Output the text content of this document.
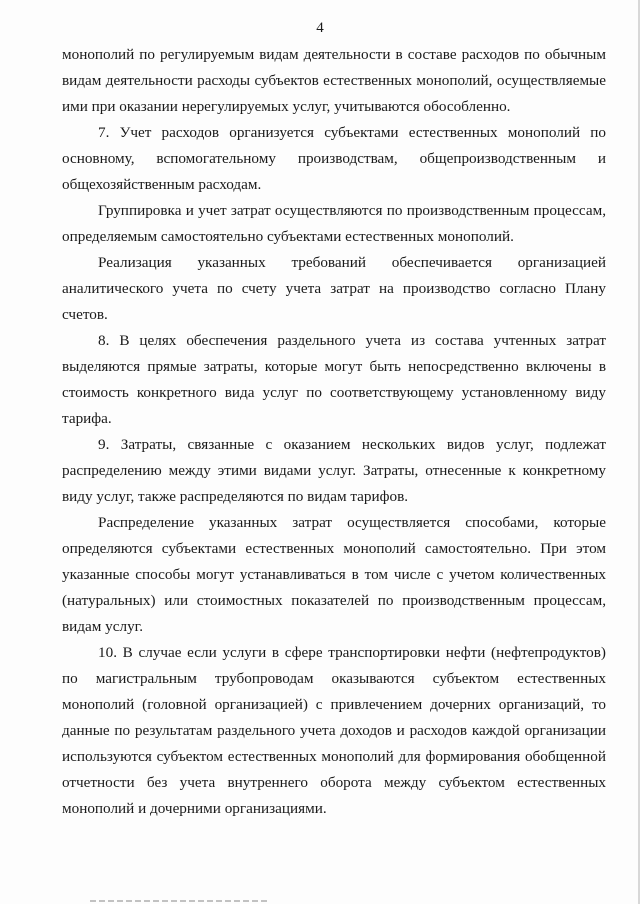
4

монополий по регулируемым видам деятельности в составе расходов по обычным видам деятельности расходы субъектов естественных монополий, осуществляемые ими при оказании нерегулируемых услуг, учитываются обособленно.

7. Учет расходов организуется субъектами естественных монополий по основному, вспомогательному производствам, общепроизводственным и общехозяйственным расходам.

Группировка и учет затрат осуществляются по производственным процессам, определяемым самостоятельно субъектами естественных монополий.

Реализация указанных требований обеспечивается организацией аналитического учета по счету учета затрат на производство согласно Плану счетов.

8. В целях обеспечения раздельного учета из состава учтенных затрат выделяются прямые затраты, которые могут быть непосредственно включены в стоимость конкретного вида услуг по соответствующему установленному виду тарифа.

9. Затраты, связанные с оказанием нескольких видов услуг, подлежат распределению между этими видами услуг. Затраты, отнесенные к конкретному виду услуг, также распределяются по видам тарифов.

Распределение указанных затрат осуществляется способами, которые определяются субъектами естественных монополий самостоятельно. При этом указанные способы могут устанавливаться в том числе с учетом количественных (натуральных) или стоимостных показателей по производственным процессам, видам услуг.

10. В случае если услуги в сфере транспортировки нефти (нефтепродуктов) по магистральным трубопроводам оказываются субъектом естественных монополий (головной организацией) с привлечением дочерних организаций, то данные по результатам раздельного учета доходов и расходов каждой организации используются субъектом естественных монополий для формирования обобщенной отчетности без учета внутреннего оборота между субъектом естественных монополий и дочерними организациями.
